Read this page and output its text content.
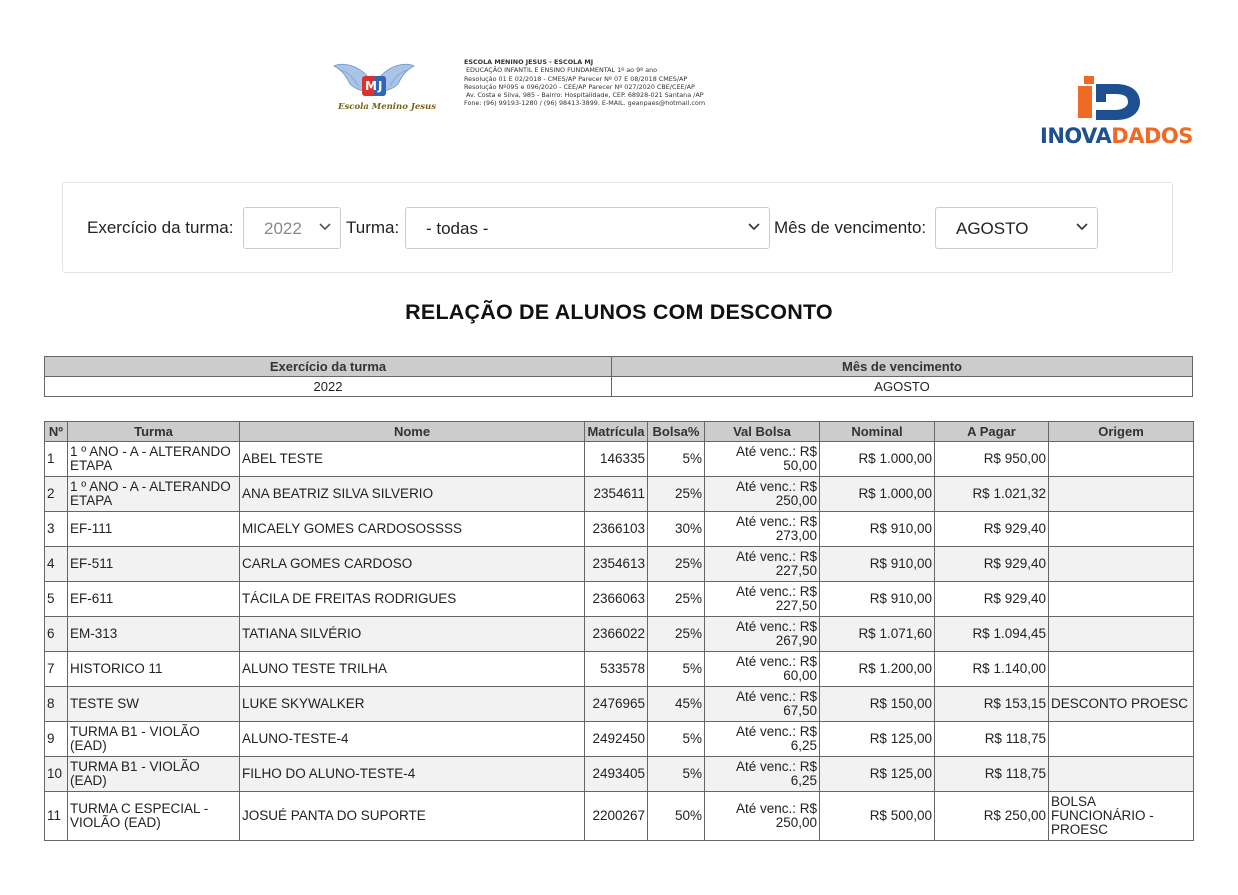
MJ
Escola Menino Jesus
ESCOLA MENINO JESUS - ESCOLA MJ
EDUCAÇÃO INFANTIL E ENSINO FUNDAMENTAL 1º ao 9º ano
Resolução 01 E 02/2018 - CMES/AP Parecer Nº 07 E 08/2018 CMES/AP
Resolução Nº095 e 096/2020 - CEE/AP Parecer Nº 027/2020 CBE/CEE/AP
Av. Costa e Silva, 985 - Bairro: Hospitalidade, CEP. 68928-021 Santana /AP
Fone: (96) 99193-1280 / (96) 98413-3899. E-MAIL. geanpaes@hotmail.com
INOVADADOS
Exercício da turma: 2022	Turma: - todas -	Mês de vencimento: AGOSTO
RELAÇÃO DE ALUNOS COM DESCONTO
Exercício da turma	Mês de vencimento
2022	AGOSTO
Nº	Turma	Nome	Matrícula	Bolsa%	Val Bolsa	Nominal	A Pagar	Origem
1	1 º ANO - A - ALTERANDO ETAPA	ABEL TESTE	146335	5%	Até venc.: R$ 50,00	R$ 1.000,00	R$ 950,00	
2	1 º ANO - A - ALTERANDO ETAPA	ANA BEATRIZ SILVA SILVERIO	2354611	25%	Até venc.: R$ 250,00	R$ 1.000,00	R$ 1.021,32	
3	EF-111	MICAELY GOMES CARDOSOSSSS	2366103	30%	Até venc.: R$ 273,00	R$ 910,00	R$ 929,40	
4	EF-511	CARLA GOMES CARDOSO	2354613	25%	Até venc.: R$ 227,50	R$ 910,00	R$ 929,40	
5	EF-611	TÁCILA DE FREITAS RODRIGUES	2366063	25%	Até venc.: R$ 227,50	R$ 910,00	R$ 929,40	
6	EM-313	TATIANA SILVÉRIO	2366022	25%	Até venc.: R$ 267,90	R$ 1.071,60	R$ 1.094,45	
7	HISTORICO 11	ALUNO TESTE TRILHA	533578	5%	Até venc.: R$ 60,00	R$ 1.200,00	R$ 1.140,00	
8	TESTE SW	LUKE SKYWALKER	2476965	45%	Até venc.: R$ 67,50	R$ 150,00	R$ 153,15	DESCONTO PROESC
9	TURMA B1 - VIOLÃO (EAD)	ALUNO-TESTE-4	2492450	5%	Até venc.: R$ 6,25	R$ 125,00	R$ 118,75	
10	TURMA B1 - VIOLÃO (EAD)	FILHO DO ALUNO-TESTE-4	2493405	5%	Até venc.: R$ 6,25	R$ 125,00	R$ 118,75	
11	TURMA C ESPECIAL - VIOLÃO (EAD)	JOSUÉ PANTA DO SUPORTE	2200267	50%	Até venc.: R$ 250,00	R$ 500,00	R$ 250,00	BOLSA FUNCIONÁRIO - PROESC
